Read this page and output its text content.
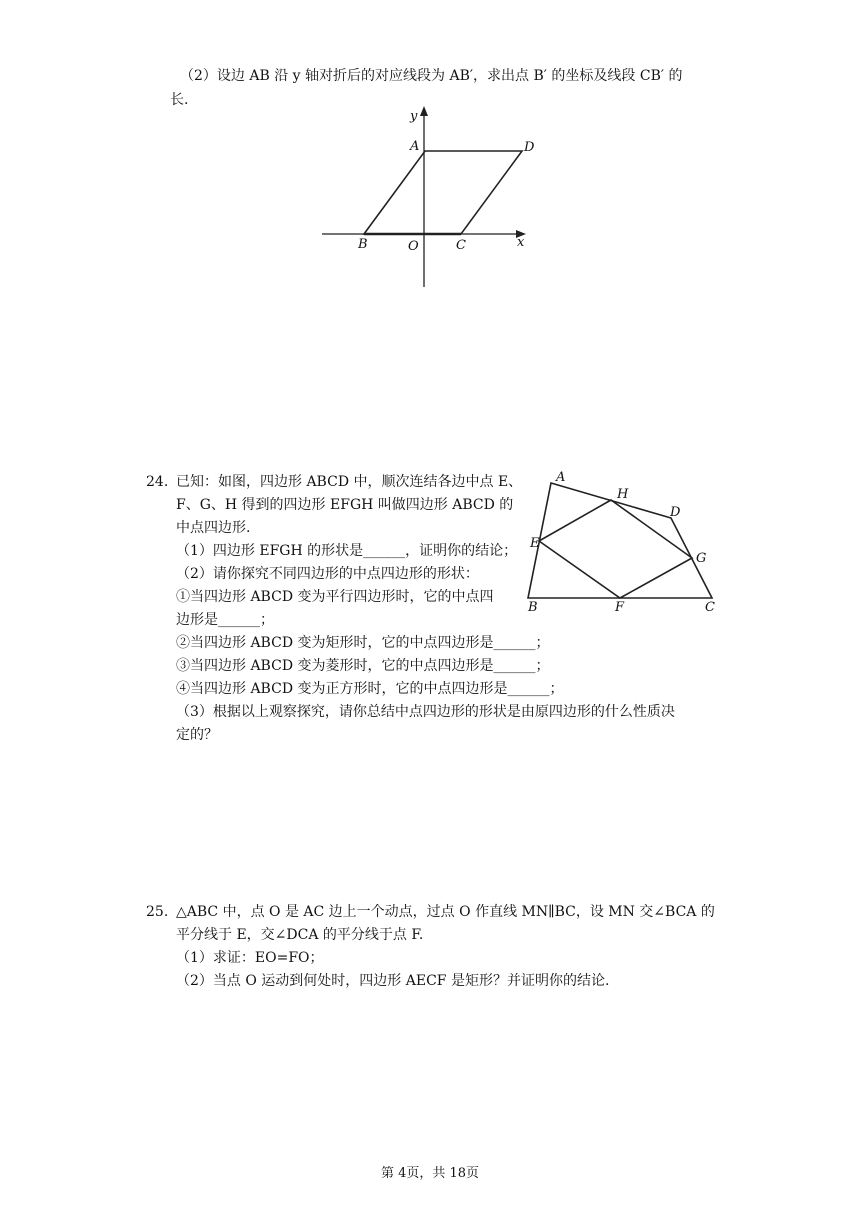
（2）设边 AB 沿 y 轴对折后的对应线段为 AB′，求出点 B′ 的坐标及线段 CB′ 的
长.
y
x
A	D
B	O	C
24. 已知：如图，四边形 ABCD 中，顺次连结各边中点 E、
F、G、H 得到的四边形 EFGH 叫做四边形 ABCD 的
中点四边形.
（1）四边形 EFGH 的形状是______，证明你的结论；
（2）请你探究不同四边形的中点四边形的形状：
①当四边形 ABCD 变为平行四边形时，它的中点四
边形是______；
②当四边形 ABCD 变为矩形时，它的中点四边形是______；
③当四边形 ABCD 变为菱形时，它的中点四边形是______；
④当四边形 ABCD 变为正方形时，它的中点四边形是______；
（3）根据以上观察探究，请你总结中点四边形的形状是由原四边形的什么性质决
定的？
A
H
D
E
G
B	F	C
25. △ABC 中，点 O 是 AC 边上一个动点，过点 O 作直线 MN∥BC，设 MN 交∠BCA 的
平分线于 E，交∠DCA 的平分线于点 F.
（1）求证：EO=FO；
（2）当点 O 运动到何处时，四边形 AECF 是矩形？并证明你的结论.
第 4页，共 18页
